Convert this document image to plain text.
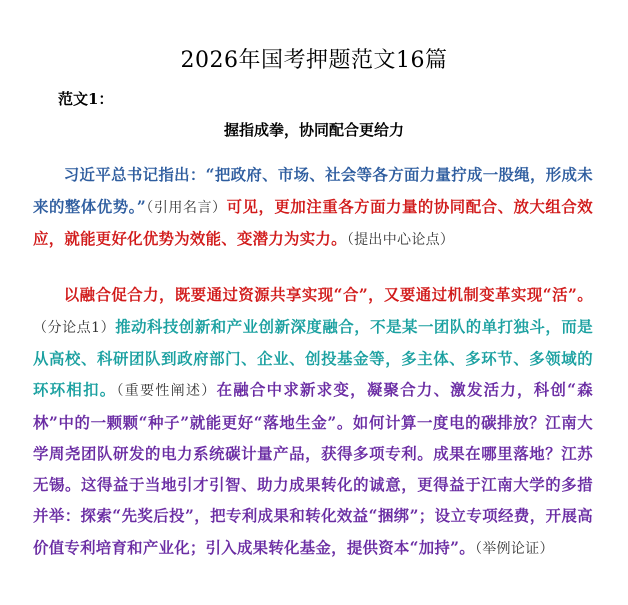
2026年国考押题范文16篇
范文1：
握指成拳，协同配合更给力

习近平总书记指出：“把政府、市场、社会等各方面力量拧成一股绳，形成未来的整体优势。”（引用名言）可见，更加注重各方面力量的协同配合、放大组合效应，就能更好化优势为效能、变潜力为实力。（提出中心论点）

以融合促合力，既要通过资源共享实现“合”，又要通过机制变革实现“活”。（分论点1）推动科技创新和产业创新深度融合，不是某一团队的单打独斗，而是从高校、科研团队到政府部门、企业、创投基金等，多主体、多环节、多领域的环环相扣。（重要性阐述）在融合中求新求变，凝聚合力、激发活力，科创“森林”中的一颗颗“种子”就能更好“落地生金”。如何计算一度电的碳排放？江南大学周尧团队研发的电力系统碳计量产品，获得多项专利。成果在哪里落地？江苏无锡。这得益于当地引才引智、助力成果转化的诚意，更得益于江南大学的多措并举：探索“先奖后投”，把专利成果和转化效益“捆绑”；设立专项经费，开展高价值专利培育和产业化；引入成果转化基金，提供资本“加持”。（举例论证）
